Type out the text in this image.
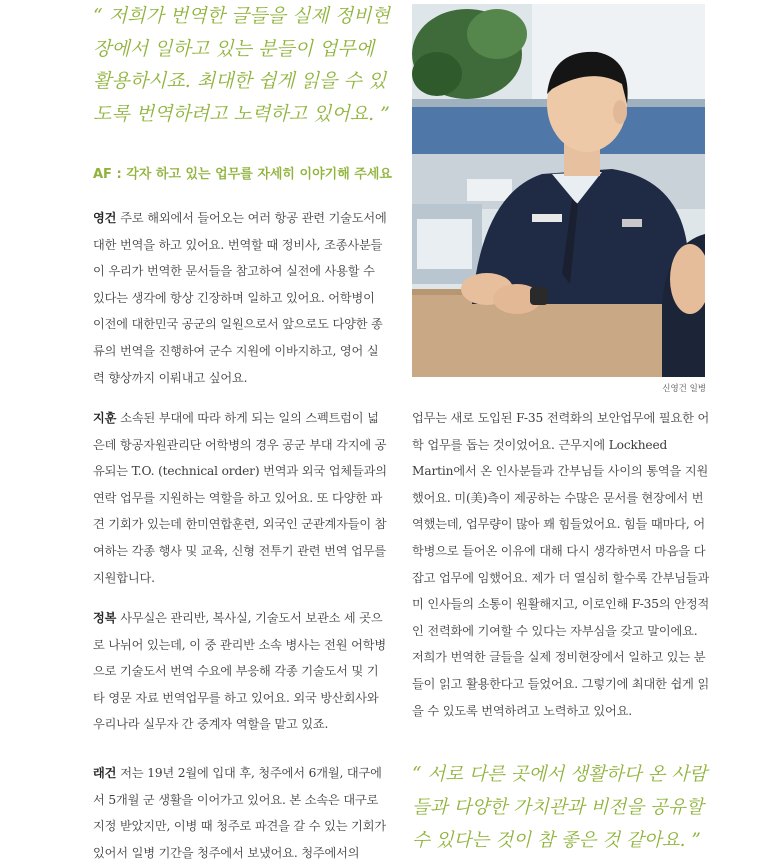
“ 저희가 번역한 글들을 실제 정비현장에서 일하고 있는 분들이 업무에 활용하시죠. 최대한 쉽게 읽을 수 있도록 번역하려고 노력하고 있어요. ”

AF : 각자 하고 있는 업무를 자세히 이야기해 주세요

영건 주로 해외에서 들어오는 여러 항공 관련 기술도서에 대한 번역을 하고 있어요. 번역할 때 정비사, 조종사분들이 우리가 번역한 문서들을 참고하여 실전에 사용할 수 있다는 생각에 항상 긴장하며 일하고 있어요. 어학병이 이전에 대한민국 공군의 일원으로서 앞으로도 다양한 종류의 번역을 진행하여 군수 지원에 이바지하고, 영어 실력 향상까지 이뤄내고 싶어요.

지훈 소속된 부대에 따라 하게 되는 일의 스펙트럼이 넓은데 항공자원관리단 어학병의 경우 공군 부대 각지에 공유되는 T.O. (technical order) 번역과 외국 업체들과의 연락 업무를 지원하는 역할을 하고 있어요. 또 다양한 파견 기회가 있는데 한미연합훈련, 외국인 군관계자들이 참여하는 각종 행사 및 교육, 신형 전투기 관련 번역 업무를 지원합니다.

정복 사무실은 관리반, 복사실, 기술도서 보관소 세 곳으로 나뉘어 있는데, 이 중 관리반 소속 병사는 전원 어학병으로 기술도서 번역 수요에 부응해 각종 기술도서 및 기타 영문 자료 번역업무를 하고 있어요. 외국 방산회사와 우리나라 실무자 간 중계자 역할을 맡고 있죠.

래건 저는 19년 2월에 입대 후, 청주에서 6개월, 대구에서 5개월 군 생활을 이어가고 있어요. 본 소속은 대구로 지정 받았지만, 이병 때 청주로 파견을 갈 수 있는 기회가 있어서 일병 기간을 청주에서 보냈어요. 청주에서의

신영건 일병

업무는 새로 도입된 F-35 전력화의 보안업무에 필요한 어학 업무를 돕는 것이었어요. 근무지에 Lockheed Martin에서 온 인사분들과 간부님들 사이의 통역을 지원했어요. 미(美)측이 제공하는 수많은 문서를 현장에서 번역했는데, 업무량이 많아 꽤 힘들었어요. 힘들 때마다, 어학병으로 들어온 이유에 대해 다시 생각하면서 마음을 다잡고 업무에 임했어요. 제가 더 열심히 할수록 간부님들과 미 인사들의 소통이 원활해지고, 이로인해 F-35의 안정적인 전력화에 기여할 수 있다는 자부심을 갖고 말이에요. 저희가 번역한 글들을 실제 정비현장에서 일하고 있는 분들이 읽고 활용한다고 들었어요. 그렇기에 최대한 쉽게 읽을 수 있도록 번역하려고 노력하고 있어요.

“ 서로 다른 곳에서 생활하다 온 사람들과 다양한 가치관과 비전을 공유할 수 있다는 것이 참 좋은 것 같아요. ”
